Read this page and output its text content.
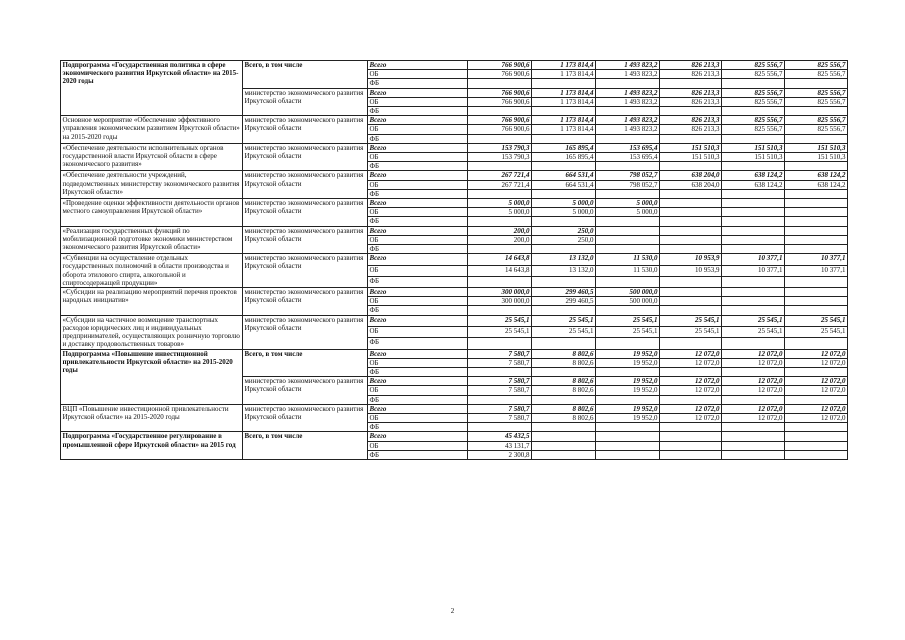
Подпрограмма «Государственная политика в сфере экономического развития Иркутской области» на 2015-2020 годы	Всего, в том числе	Всего	766 900,6	1 173 814,4	1 493 823,2	826 213,3	825 556,7	825 556,7
		ОБ	766 900,6	1 173 814,4	1 493 823,2	826 213,3	825 556,7	825 556,7
		ФБ						
	министерство экономического развития Иркутской области	Всего	766 900,6	1 173 814,4	1 493 823,2	826 213,3	825 556,7	825 556,7
		ОБ	766 900,6	1 173 814,4	1 493 823,2	826 213,3	825 556,7	825 556,7
		ФБ						
Основное мероприятие «Обеспечение эффективного управления экономическим развитием Иркутской области» на 2015-2020 годы	министерство экономического развития Иркутской области	Всего	766 900,6	1 173 814,4	1 493 823,2	826 213,3	825 556,7	825 556,7
		ОБ	766 900,6	1 173 814,4	1 493 823,2	826 213,3	825 556,7	825 556,7
		ФБ						
«Обеспечение деятельности исполнительных органов государственной власти Иркутской области в сфере экономического развития»	министерство экономического развития Иркутской области	Всего	153 790,3	165 895,4	153 695,4	151 510,3	151 510,3	151 510,3
		ОБ	153 790,3	165 895,4	153 695,4	151 510,3	151 510,3	151 510,3
		ФБ						
«Обеспечение деятельности учреждений, подведомственных министерству экономического развития Иркутской области»	министерство экономического развития Иркутской области	Всего	267 721,4	664 531,4	798 052,7	638 204,0	638 124,2	638 124,2
		ОБ	267 721,4	664 531,4	798 052,7	638 204,0	638 124,2	638 124,2
		ФБ						
«Проведение оценки эффективности деятельности органов местного самоуправления Иркутской области»	министерство экономического развития Иркутской области	Всего	5 000,0	5 000,0	5 000,0			
		ОБ	5 000,0	5 000,0	5 000,0			
		ФБ						
«Реализация государственных функций по мобилизационной подготовке экономики министерством экономического развития Иркутской области»	министерство экономического развития Иркутской области	Всего	200,0	250,0				
		ОБ	200,0	250,0				
		ФБ						
«Субвенции на осуществление отдельных государственных полномочий в области производства и оборота этилового спирта, алкогольной и спиртосодержащей продукции»	министерство экономического развития Иркутской области	Всего	14 643,8	13 132,0	11 530,0	10 953,9	10 377,1	10 377,1
		ОБ	14 643,8	13 132,0	11 530,0	10 953,9	10 377,1	10 377,1
		ФБ						
«Субсидии на реализацию мероприятий перечня проектов народных инициатив»	министерство экономического развития Иркутской области	Всего	300 000,0	299 460,5	500 000,0			
		ОБ	300 000,0	299 460,5	500 000,0			
		ФБ						
«Субсидии на частичное возмещение транспортных расходов юридических лиц и индивидуальных предпринимателей, осуществляющих розничную торговлю и доставку продовольственных товаров»	министерство экономического развития Иркутской области	Всего	25 545,1	25 545,1	25 545,1	25 545,1	25 545,1	25 545,1
		ОБ	25 545,1	25 545,1	25 545,1	25 545,1	25 545,1	25 545,1
		ФБ						
Подпрограмма «Повышение инвестиционной привлекательности Иркутской области» на 2015-2020 годы	Всего, в том числе	Всего	7 580,7	8 802,6	19 952,0	12 072,0	12 072,0	12 072,0
		ОБ	7 580,7	8 802,6	19 952,0	12 072,0	12 072,0	12 072,0
		ФБ						
	министерство экономического развития Иркутской области	Всего	7 580,7	8 802,6	19 952,0	12 072,0	12 072,0	12 072,0
		ОБ	7 580,7	8 802,6	19 952,0	12 072,0	12 072,0	12 072,0
		ФБ						
ВЦП «Повышение инвестиционной привлекательности Иркутской области» на 2015-2020 годы	министерство экономического развития Иркутской области	Всего	7 580,7	8 802,6	19 952,0	12 072,0	12 072,0	12 072,0
		ОБ	7 580,7	8 802,6	19 952,0	12 072,0	12 072,0	12 072,0
		ФБ						
Подпрограмма «Государственное регулирование в промышленной сфере Иркутской области» на 2015 год	Всего, в том числе	Всего	45 432,5					
		ОБ	43 131,7					
		ФБ	2 300,8					
2
